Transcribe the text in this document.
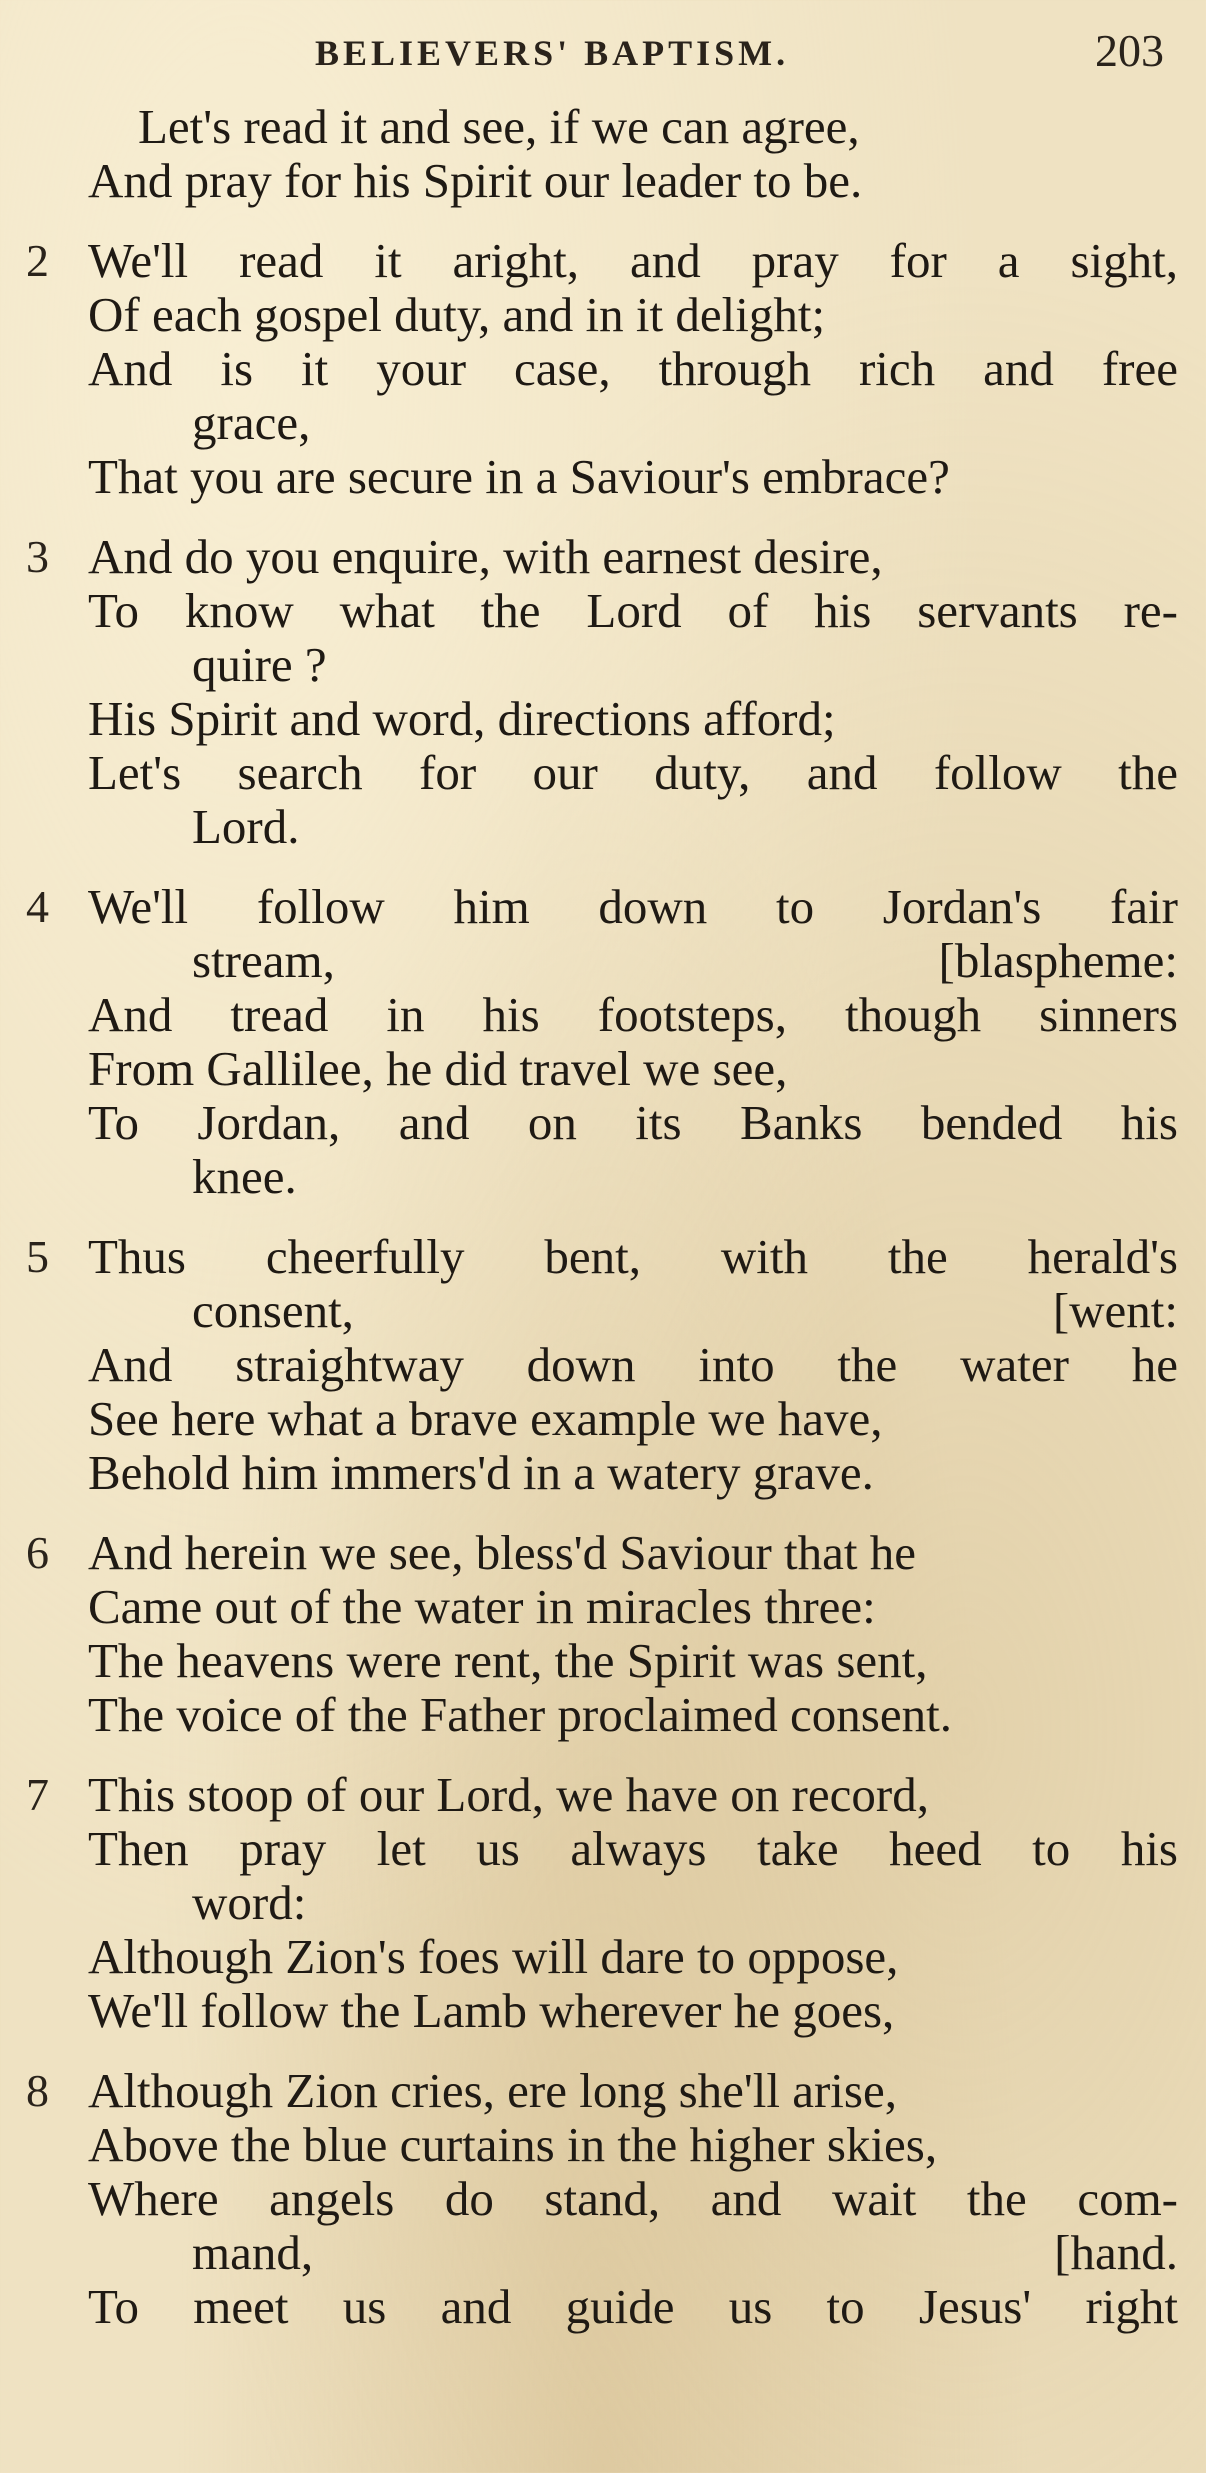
BELIEVERS' BAPTISM.	203
Let's read it and see, if we can agree,
And pray for his Spirit our leader to be.
2 We'll read it aright, and pray for a sight,
Of each gospel duty, and in it delight;
And is it your case, through rich and free
grace,
That you are secure in a Saviour's embrace?
3 And do you enquire, with earnest desire,
To know what the Lord of his servants re-
quire ?
His Spirit and word, directions afford;
Let's search for our duty, and follow the
Lord.
4 We'll follow him down to Jordan's fair
stream,	[blaspheme:
And tread in his footsteps, though sinners
From Gallilee, he did travel we see,
To Jordan, and on its Banks bended his
knee.
5 Thus cheerfully bent, with the herald's
consent,	[went:
And straightway down into the water he
See here what a brave example we have,
Behold him immers'd in a watery grave.
6 And herein we see, bless'd Saviour that he
Came out of the water in miracles three:
The heavens were rent, the Spirit was sent,
The voice of the Father proclaimed consent.
7 This stoop of our Lord, we have on record,
Then pray let us always take heed to his
word:
Although Zion's foes will dare to oppose,
We'll follow the Lamb wherever he goes,
8 Although Zion cries, ere long she'll arise,
Above the blue curtains in the higher skies,
Where angels do stand, and wait the com-
mand,	[hand.
To meet us and guide us to Jesus' right
